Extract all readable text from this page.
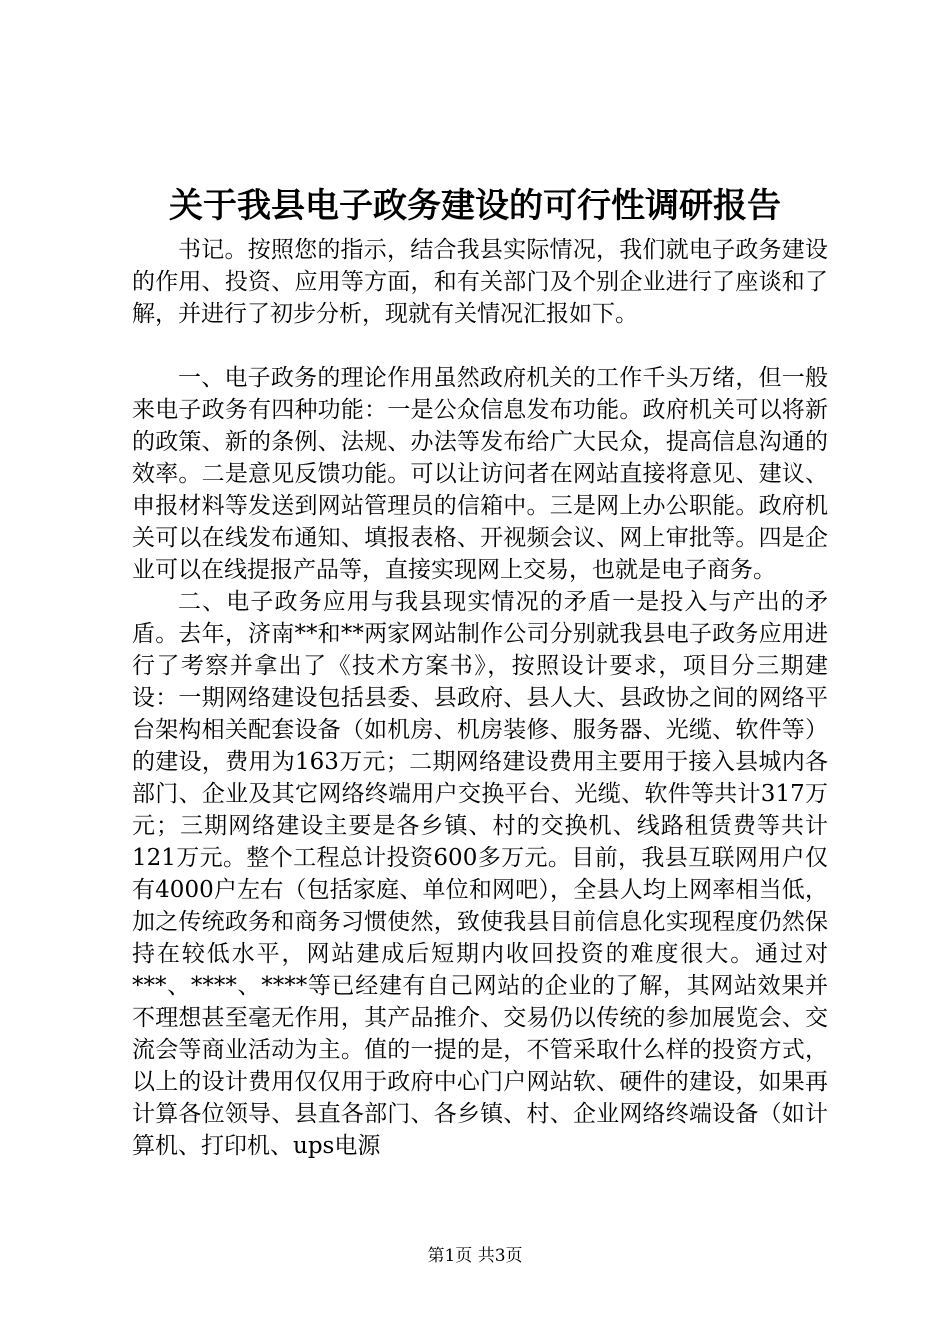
关于我县电子政务建设的可行性调研报告

书记。按照您的指示，结合我县实际情况，我们就电子政务建设的作用、投资、应用等方面，和有关部门及个别企业进行了座谈和了解，并进行了初步分析，现就有关情况汇报如下。

一、电子政务的理论作用虽然政府机关的工作千头万绪，但一般来电子政务有四种功能：一是公众信息发布功能。政府机关可以将新的政策、新的条例、法规、办法等发布给广大民众，提高信息沟通的效率。二是意见反馈功能。可以让访问者在网站直接将意见、建议、申报材料等发送到网站管理员的信箱中。三是网上办公职能。政府机关可以在线发布通知、填报表格、开视频会议、网上审批等。四是企业可以在线提报产品等，直接实现网上交易，也就是电子商务。

二、电子政务应用与我县现实情况的矛盾一是投入与产出的矛盾。去年，济南**和**两家网站制作公司分别就我县电子政务应用进行了考察并拿出了《技术方案书》，按照设计要求，项目分三期建设：一期网络建设包括县委、县政府、县人大、县政协之间的网络平台架构相关配套设备（如机房、机房装修、服务器、光缆、软件等）的建设，费用为163万元；二期网络建设费用主要用于接入县城内各部门、企业及其它网络终端用户交换平台、光缆、软件等共计317万元；三期网络建设主要是各乡镇、村的交换机、线路租赁费等共计121万元。整个工程总计投资600多万元。目前，我县互联网用户仅有4000户左右（包括家庭、单位和网吧），全县人均上网率相当低，加之传统政务和商务习惯使然，致使我县目前信息化实现程度仍然保持在较低水平，网站建成后短期内收回投资的难度很大。通过对***、****、****等已经建有自己网站的企业的了解，其网站效果并不理想甚至毫无作用，其产品推介、交易仍以传统的参加展览会、交流会等商业活动为主。值的一提的是，不管采取什么样的投资方式，以上的设计费用仅仅用于政府中心门户网站软、硬件的建设，如果再计算各位领导、县直各部门、各乡镇、村、企业网络终端设备（如计算机、打印机、ups电源

第1页 共3页
